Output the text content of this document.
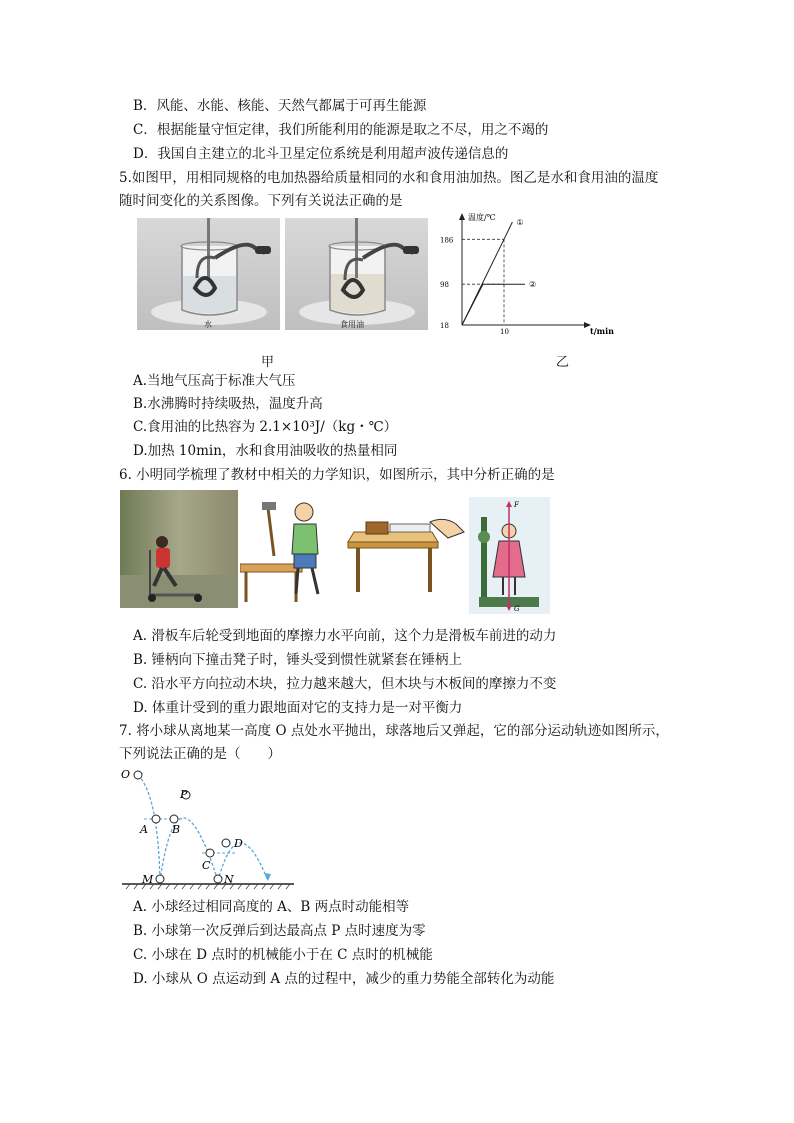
B．风能、水能、核能、天然气都属于可再生能源
C．根据能量守恒定律，我们所能利用的能源是取之不尽，用之不竭的
D．我国自主建立的北斗卫星定位系统是利用超声波传递信息的
5.如图甲，用相同规格的电加热器给质量相同的水和食用油加热。图乙是水和食用油的温度
随时间变化的关系图像。下列有关说法正确的是
水	食用油
温度/℃
t/min
①
②
186
98
18
10
甲	乙
A.当地气压高于标准大气压
B.水沸腾时持续吸热，温度升高
C.食用油的比热容为 2.1×10³J/（kg・℃）
D.加热 10min，水和食用油吸收的热量相同
6. 小明同学梳理了教材中相关的力学知识，如图所示，其中分析正确的是
F
G
A. 滑板车后轮受到地面的摩擦力水平向前，这个力是滑板车前进的动力
B. 锤柄向下撞击凳子时，锤头受到惯性就紧套在锤柄上
C. 沿水平方向拉动木块，拉力越来越大，但木块与木板间的摩擦力不变
D. 体重计受到的重力跟地面对它的支持力是一对平衡力
7. 将小球从离地某一高度 O 点处水平抛出，球落地后又弹起，它的部分运动轨迹如图所示，
下列说法正确的是（　　）
O
P
A B
C
D
M	N
A. 小球经过相同高度的 A、B 两点时动能相等
B. 小球第一次反弹后到达最高点 P 点时速度为零
C. 小球在 D 点时的机械能小于在 C 点时的机械能
D. 小球从 O 点运动到 A 点的过程中，减少的重力势能全部转化为动能
